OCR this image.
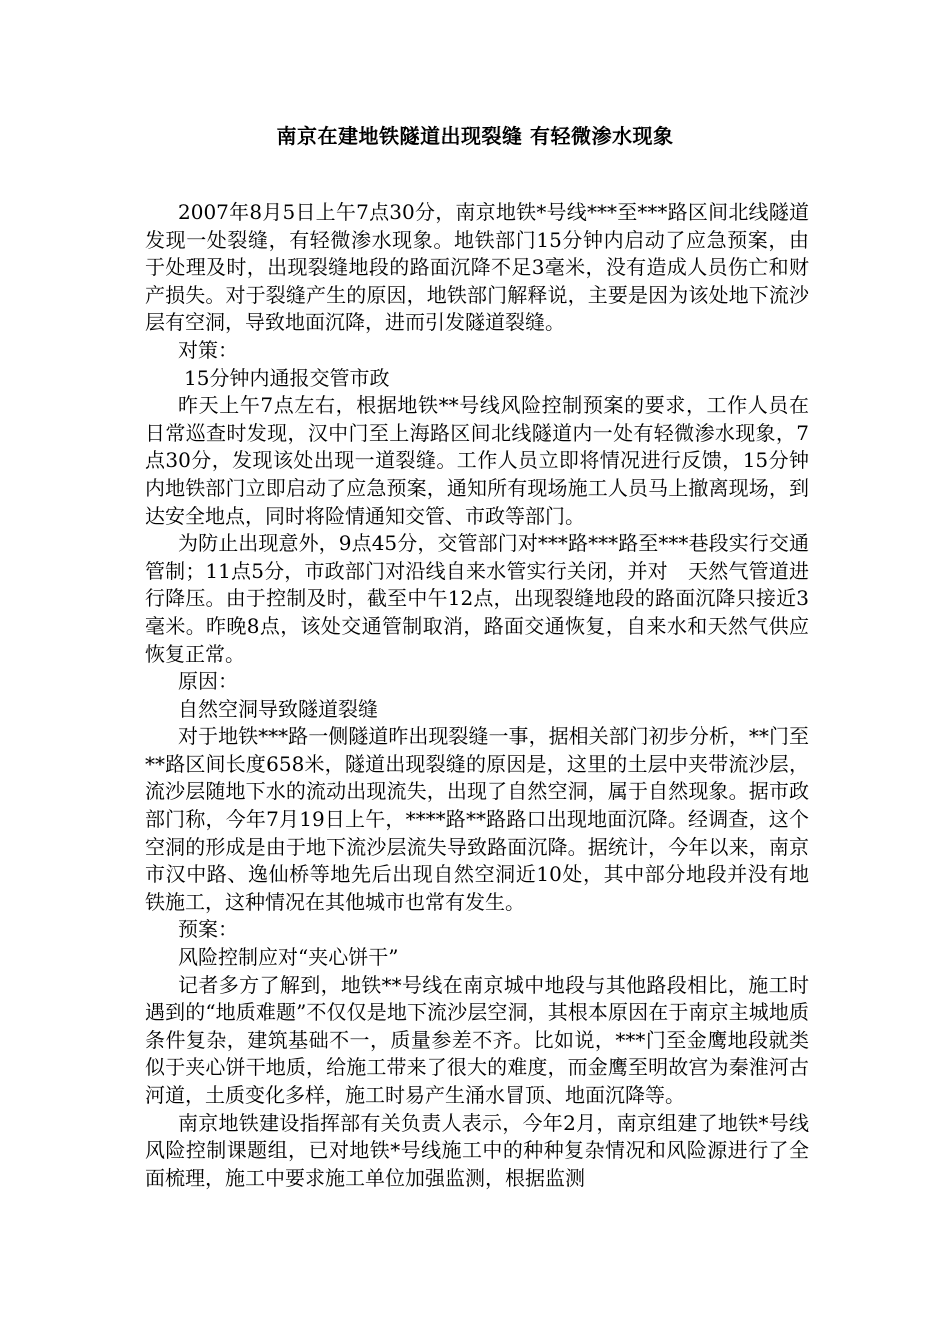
南京在建地铁隧道出现裂缝 有轻微渗水现象

2007年8月5日上午7点30分，南京地铁*号线***至***路区间北线隧道发现一处裂缝，有轻微渗水现象。地铁部门15分钟内启动了应急预案，由于处理及时，出现裂缝地段的路面沉降不足3毫米，没有造成人员伤亡和财产损失。对于裂缝产生的原因，地铁部门解释说，主要是因为该处地下流沙层有空洞，导致地面沉降，进而引发隧道裂缝。

对策：

15分钟内通报交管市政

昨天上午7点左右，根据地铁**号线风险控制预案的要求，工作人员在日常巡查时发现，汉中门至上海路区间北线隧道内一处有轻微渗水现象，7点30分，发现该处出现一道裂缝。工作人员立即将情况进行反馈，15分钟内地铁部门立即启动了应急预案，通知所有现场施工人员马上撤离现场，到达安全地点，同时将险情通知交管、市政等部门。

为防止出现意外，9点45分，交管部门对***路***路至***巷段实行交通管制；11点5分，市政部门对沿线自来水管实行关闭，并对　天然气管道进行降压。由于控制及时，截至中午12点，出现裂缝地段的路面沉降只接近3毫米。昨晚8点，该处交通管制取消，路面交通恢复，自来水和天然气供应恢复正常。

原因：

自然空洞导致隧道裂缝

对于地铁***路一侧隧道昨出现裂缝一事，据相关部门初步分析，**门至**路区间长度658米，隧道出现裂缝的原因是，这里的土层中夹带流沙层，流沙层随地下水的流动出现流失，出现了自然空洞，属于自然现象。据市政部门称，今年7月19日上午，****路**路路口出现地面沉降。经调查，这个空洞的形成是由于地下流沙层流失导致路面沉降。据统计，今年以来，南京市汉中路、逸仙桥等地先后出现自然空洞近10处，其中部分地段并没有地铁施工，这种情况在其他城市也常有发生。

预案：

风险控制应对“夹心饼干”

记者多方了解到，地铁**号线在南京城中地段与其他路段相比，施工时遇到的“地质难题”不仅仅是地下流沙层空洞，其根本原因在于南京主城地质条件复杂，建筑基础不一，质量参差不齐。比如说，***门至金鹰地段就类似于夹心饼干地质，给施工带来了很大的难度，而金鹰至明故宫为秦淮河古河道，土质变化多样，施工时易产生涌水冒顶、地面沉降等。

南京地铁建设指挥部有关负责人表示，今年2月，南京组建了地铁*号线风险控制课题组，已对地铁*号线施工中的种种复杂情况和风险源进行了全面梳理，施工中要求施工单位加强监测，根据监测
